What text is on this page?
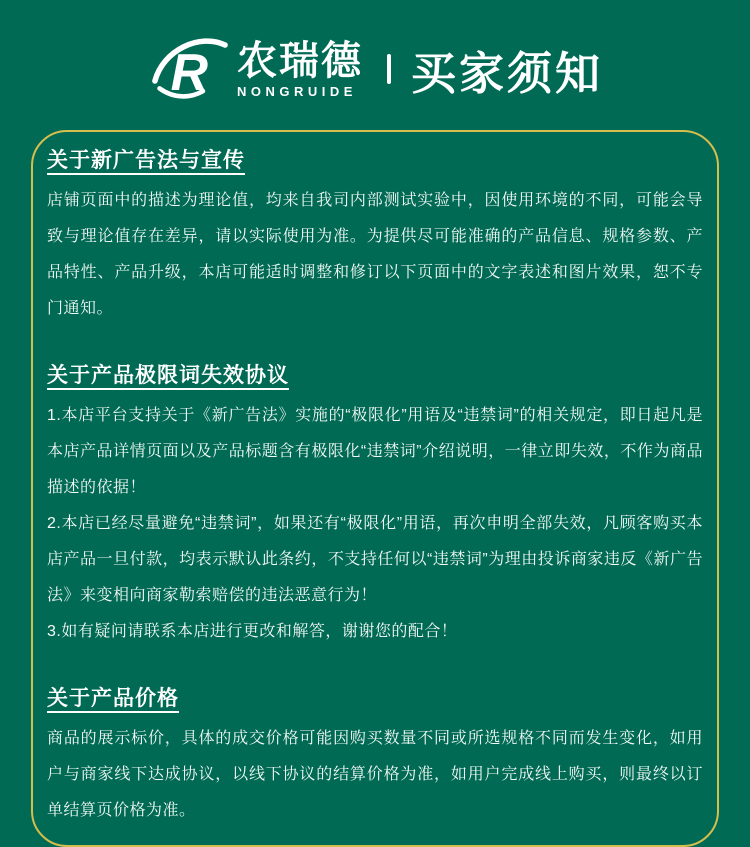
R 农瑞德
NONGRUIDE 买家须知
关于新广告法与宣传

店铺页面中的描述为理论值，均来自我司内部测试实验中，因使用环境的不同，可能会导致与理论值存在差异，请以实际使用为准。为提供尽可能准确的产品信息、规格参数、产品特性、产品升级，本店可能适时调整和修订以下页面中的文字表述和图片效果，恕不专门通知。

关于产品极限词失效协议

1.本店平台支持关于《新广告法》实施的“极限化”用语及“违禁词”的相关规定，即日起凡是本店产品详情页面以及产品标题含有极限化“违禁词”介绍说明，一律立即失效，不作为商品描述的依据！

2.本店已经尽量避免“违禁词”，如果还有“极限化”用语，再次申明全部失效，凡顾客购买本店产品一旦付款，均表示默认此条约，不支持任何以“违禁词”为理由投诉商家违反《新广告法》来变相向商家勒索赔偿的违法恶意行为！

3.如有疑问请联系本店进行更改和解答，谢谢您的配合！

关于产品价格

商品的展示标价，具体的成交价格可能因购买数量不同或所选规格不同而发生变化，如用户与商家线下达成协议，以线下协议的结算价格为准，如用户完成线上购买，则最终以订单结算页价格为准。
